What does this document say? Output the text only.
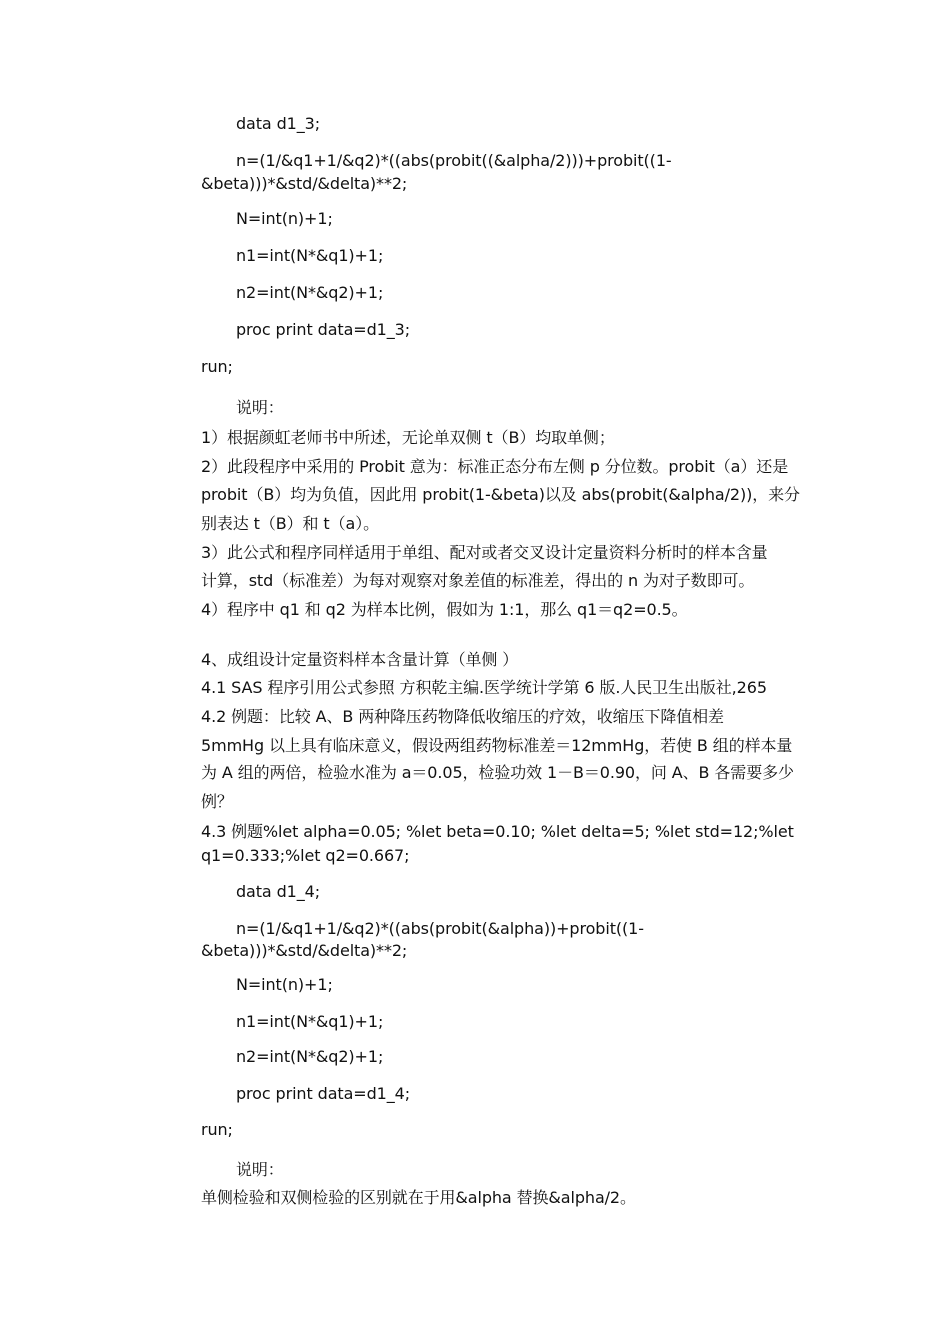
data d1_3;
n=(1/&q1+1/&q2)*((abs(probit((&alpha/2)))+probit((1-
&beta)))*&std/&delta)**2;
N=int(n)+1;
n1=int(N*&q1)+1;
n2=int(N*&q2)+1;
proc print data=d1_3;
run;
说明：
1）根据颜虹老师书中所述，无论单双侧 t（Β）均取单侧；
2）此段程序中采用的 Probit 意为：标准正态分布左侧 p 分位数。probit（a）还是
probit（Β）均为负值，因此用 probit(1-&beta)以及 abs(probit(&alpha/2))，来分
别表达 t（Β）和 t（a）。
3）此公式和程序同样适用于单组、配对或者交叉设计定量资料分析时的样本含量
计算，std（标准差）为每对观察对象差值的标准差，得出的 n 为对子数即可。
4）程序中 q1 和 q2 为样本比例，假如为 1:1，那么 q1＝q2=0.5。
4、成组设计定量资料样本含量计算（单侧 ）
4.1 SAS 程序引用公式参照 方积乾主编.医学统计学第 6 版.人民卫生出版社,265
4.2 例题：比较 A、B 两种降压药物降低收缩压的疗效，收缩压下降值相差
5mmHg 以上具有临床意义，假设两组药物标准差＝12mmHg，若使 B 组的样本量
为 A 组的两倍，检验水准为 a＝0.05，检验功效 1－Β＝0.90，问 A、B 各需要多少
例？
4.3 例题%let alpha=0.05; %let beta=0.10; %let delta=5; %let std=12;%let
q1=0.333;%let q2=0.667;
data d1_4;
n=(1/&q1+1/&q2)*((abs(probit(&alpha))+probit((1-
&beta)))*&std/&delta)**2;
N=int(n)+1;
n1=int(N*&q1)+1;
n2=int(N*&q2)+1;
proc print data=d1_4;
run;
说明：
单侧检验和双侧检验的区别就在于用&alpha 替换&alpha/2。
